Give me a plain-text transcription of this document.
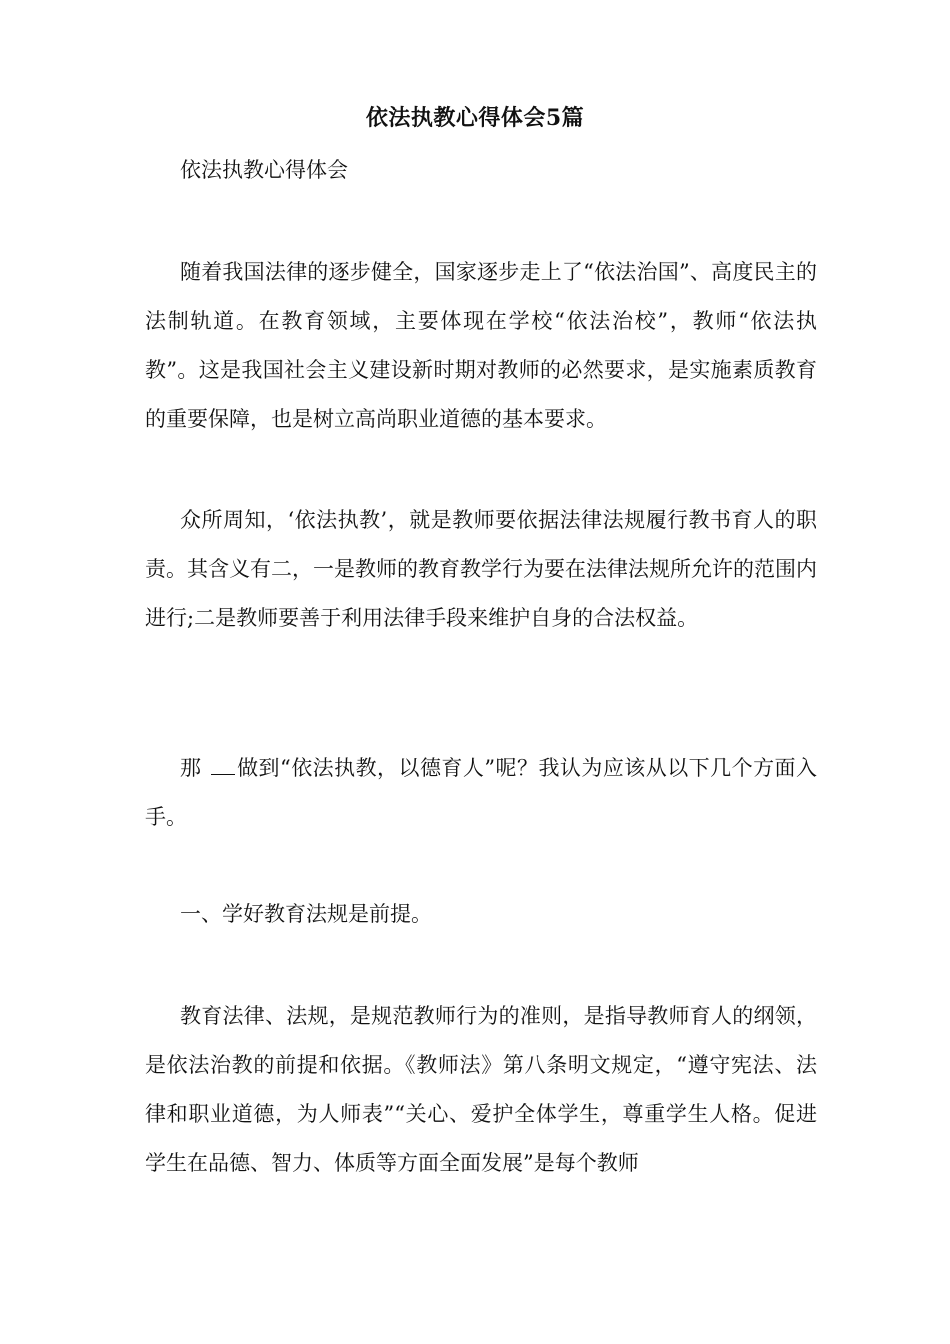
依法执教心得体会5篇
依法执教心得体会

随着我国法律的逐步健全，国家逐步走上了“依法治国”、高度民主的法制轨道。在教育领域，主要体现在学校“依法治校”，教师“依法执教”。这是我国社会主义建设新时期对教师的必然要求，是实施素质教育的重要保障，也是树立高尚职业道德的基本要求。

众所周知，‘依法执教’，就是教师要依据法律法规履行教书育人的职责。其含义有二，一是教师的教育教学行为要在法律法规所允许的范围内进行;二是教师要善于利用法律手段来维护自身的合法权益。

那 做到“依法执教，以德育人”呢？我认为应该从以下几个方面入手。

一、学好教育法规是前提。

教育法律、法规，是规范教师行为的准则，是指导教师育人的纲领，是依法治教的前提和依据。《教师法》第八条明文规定，“遵守宪法、法律和职业道德，为人师表”“关心、爱护全体学生，尊重学生人格。促进学生在品德、智力、体质等方面全面发展”是每个教师
